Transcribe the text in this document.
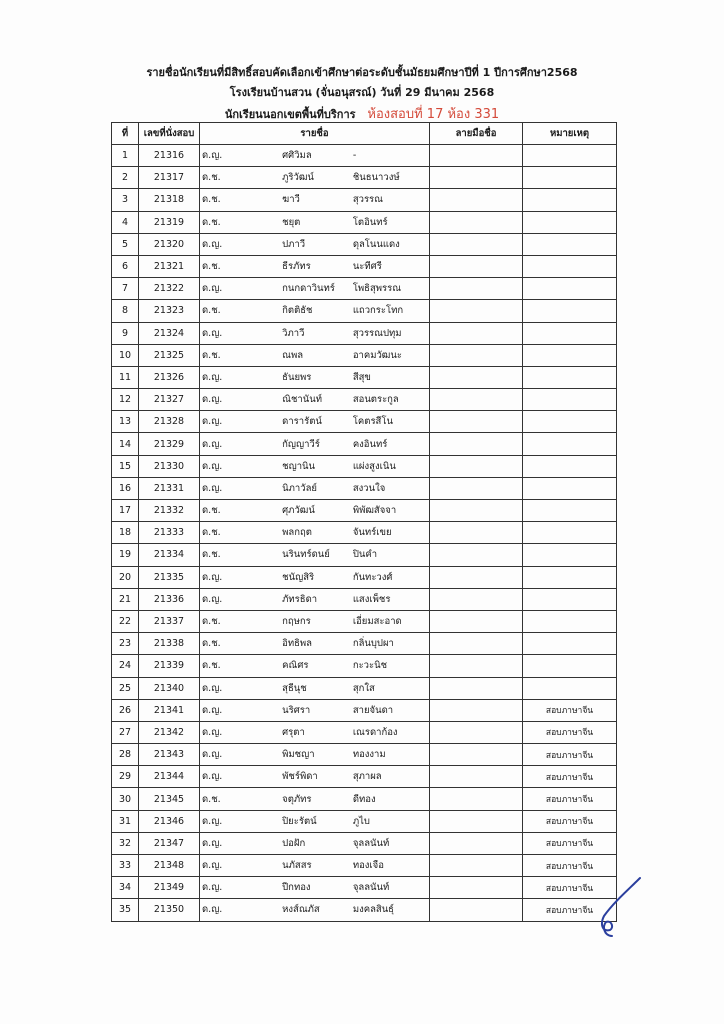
รายชื่อนักเรียนที่มีสิทธิ์สอบคัดเลือกเข้าศึกษาต่อระดับชั้นมัธยมศึกษาปีที่ 1 ปีการศึกษา2568
โรงเรียนบ้านสวน (จั่นอนุสรณ์) วันที่ 29 มีนาคม 2568
นักเรียนนอกเขตพื้นที่บริการ ห้องสอบที่ 17 ห้อง 331
ที่	เลขที่นั่งสอบ	รายชื่อ			ลายมือชื่อ	หมายเหตุ
1	21316	ด.ญ.	ศศิวิมล	-		
2	21317	ด.ช.	ภูริวัฒน์	ชินธนาวงษ์		
3	21318	ด.ช.	ฆาวี	สุวรรณ		
4	21319	ด.ช.	ชยุต	โตอินทร์		
5	21320	ด.ญ.	ปภาวี	ดุลโนนแดง		
6	21321	ด.ช.	ธีรภัทร	นะทีศรี		
7	21322	ด.ญ.	กนกดาวินทร์	โพธิสุพรรณ		
8	21323	ด.ช.	กิตติธัช	แถวกระโทก		
9	21324	ด.ญ.	วิภาวี	สุวรรณปทุม		
10	21325	ด.ช.	ณพล	อาคมวัฒนะ		
11	21326	ด.ญ.	ธันยพร	สีสุข		
12	21327	ด.ญ.	ณิชานันท์	สอนตระกูล		
13	21328	ด.ญ.	ดารารัตน์	โคตรสีโน		
14	21329	ด.ญ.	กัญญาวีร์	คงอินทร์		
15	21330	ด.ญ.	ชญานิน	แผ่งสูงเนิน		
16	21331	ด.ญ.	นิภาวัลย์	สงวนใจ		
17	21332	ด.ช.	ศุภวัฒน์	พิพัฒสัจจา		
18	21333	ด.ช.	พลกฤต	จันทร์เขย		
19	21334	ด.ช.	นรินทร์ดนย์	ปินคำ		
20	21335	ด.ญ.	ชนัญสิริ	กันทะวงศ์		
21	21336	ด.ญ.	ภัทรธิดา	แสงเพ็ชร		
22	21337	ด.ช.	กฤษกร	เอี่ยมสะอาด		
23	21338	ด.ช.	อิทธิพล	กลิ่นบุปผา		
24	21339	ด.ช.	คณิศร	กะวะนิช		
25	21340	ด.ญ.	สุธีนุช	สุกใส		
26	21341	ด.ญ.	นริศรา	สายจันดา		สอบภาษาจีน
27	21342	ด.ญ.	ศรุตา	เณรดาก้อง		สอบภาษาจีน
28	21343	ด.ญ.	พิมชญา	ทองงาม		สอบภาษาจีน
29	21344	ด.ญ.	พัชร์พิดา	สุภาผล		สอบภาษาจีน
30	21345	ด.ช.	จตุภัทร	ดีทอง		สอบภาษาจีน
31	21346	ด.ญ.	ปิยะรัตน์	ภูไบ		สอบภาษาจีน
32	21347	ด.ญ.	ปอฝัก	จุลลนันท์		สอบภาษาจีน
33	21348	ด.ญ.	นภัสสร	ทองเจือ		สอบภาษาจีน
34	21349	ด.ญ.	ปีกทอง	จุลลนันท์		สอบภาษาจีน
35	21350	ด.ญ.	หงส์ณภัส	มงคลสินธุ์		สอบภาษาจีน
